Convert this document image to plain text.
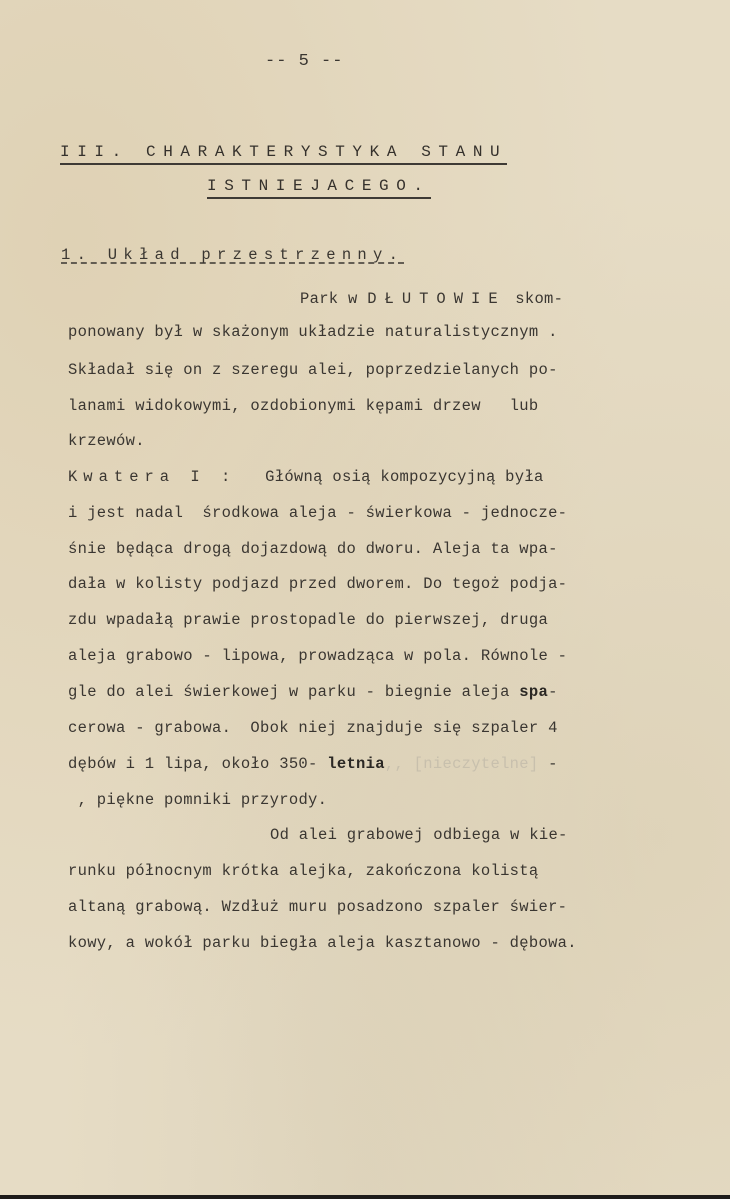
-- 5 --
III. CHARAKTERYSTYKA STANU
ISTNIEJACEGO.
1. Układ przestrzenny.
Park w DŁUTOWIE skom-
ponowany był w skażonym układzie naturalistycznym .
Składał się on z szeregu alei, poprzedzielanych po-
lanami widokowymi, ozdobionymi kępami drzew   lub
krzewów.
Kwatera I :   Główną osią kompozycyjną była
i jest nadal  środkowa aleja - świerkowa - jednocze-
śnie będąca drogą dojazdową do dworu. Aleja ta wpa-
dała w kolisty podjazd przed dworem. Do tegoż podja-
zdu wpadałą prawie prostopadle do pierwszej, druga
aleja grabowo - lipowa, prowadząca w pola. Równole -
gle do alei świerkowej w parku - biegnie aleja spa-
cerowa - grabowa.  Obok niej znajduje się szpaler 4
dębów i 1 lipa, około 350- letnia,, [nieczytelne] -
, piękne pomniki przyrody.
Od alei grabowej odbiega w kie-
runku północnym krótka alejka, zakończona kolistą
altaną grabową. Wzdłuż muru posadzono szpaler świer-
kowy, a wokół parku biegła aleja kasztanowo - dębowa.
